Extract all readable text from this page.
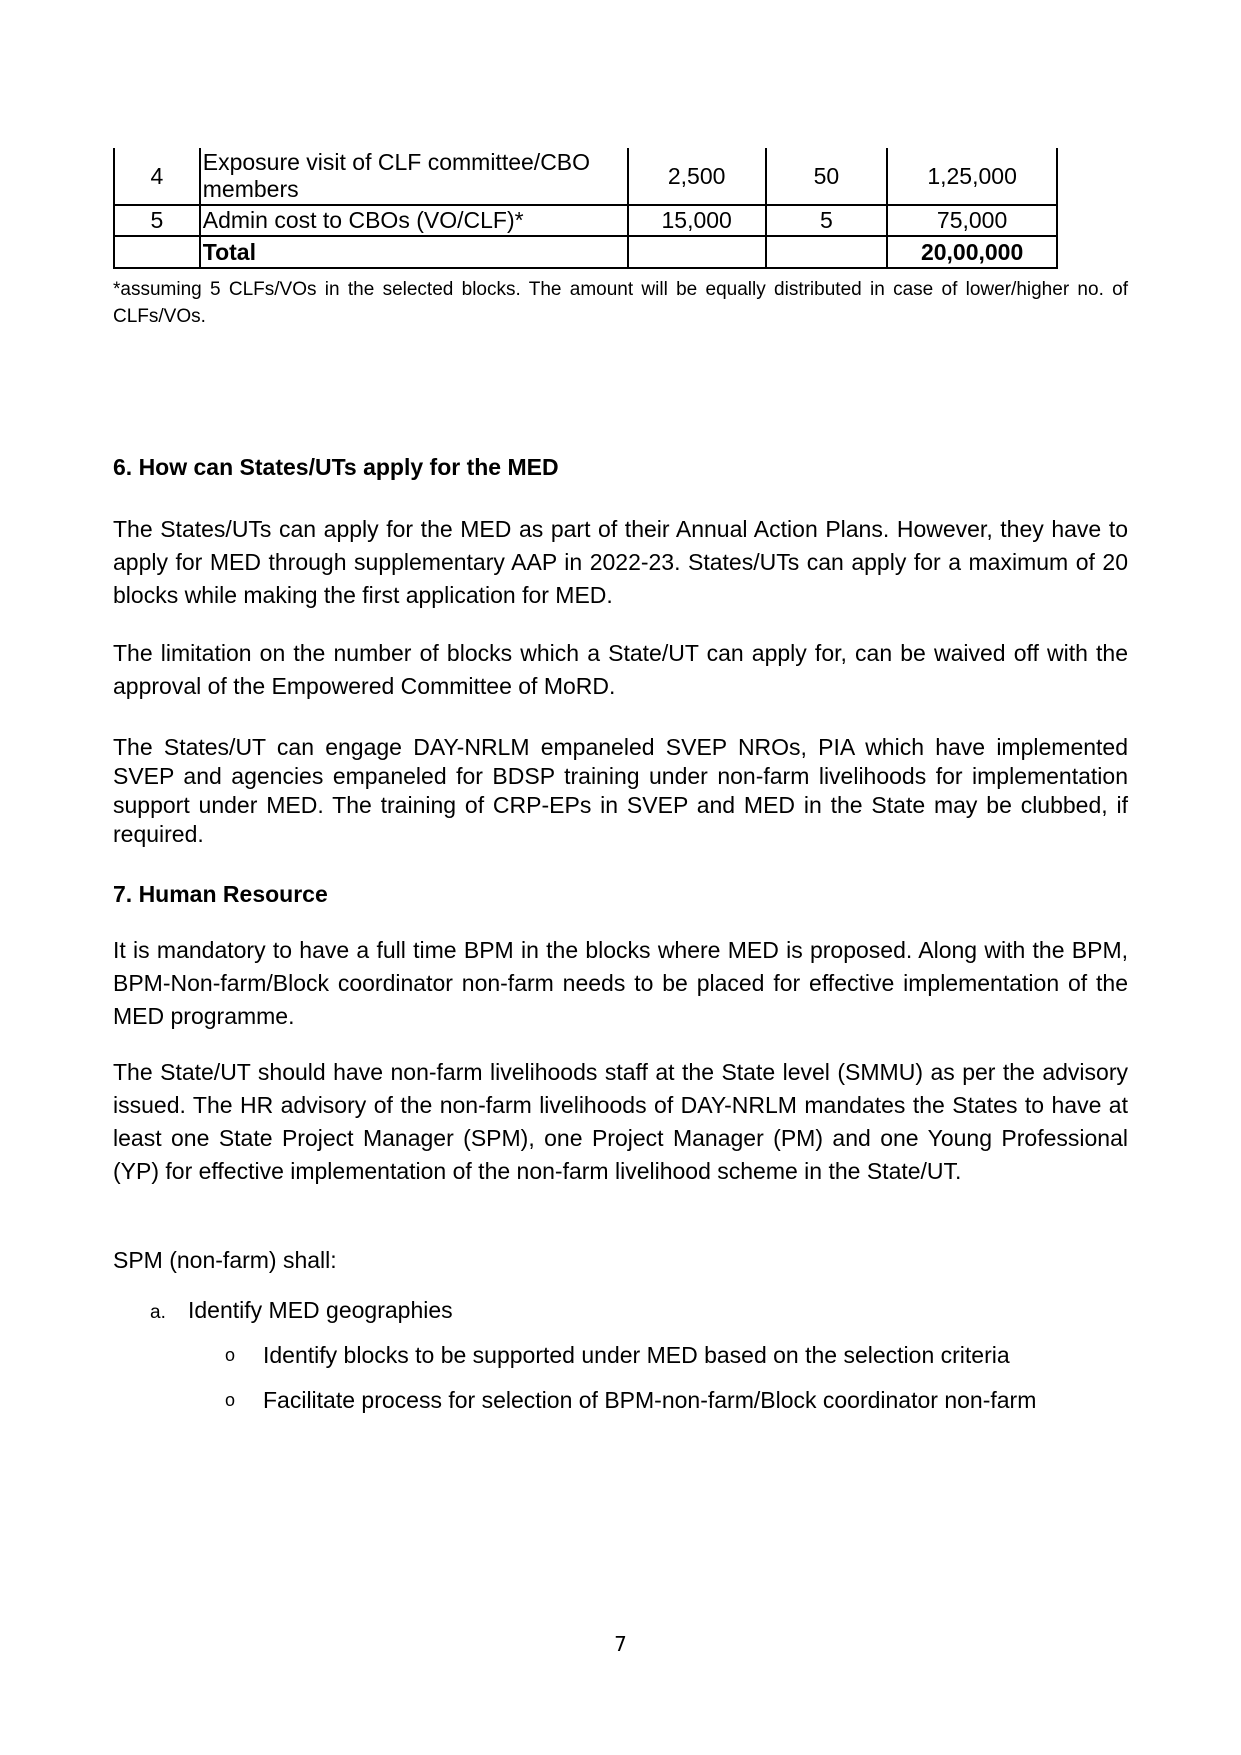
4	Exposure visit of CLF committee/CBO members	2,500	50	1,25,000
5	Admin cost to CBOs (VO/CLF)*	15,000	5	75,000
	Total			20,00,000
*assuming 5 CLFs/VOs in the selected blocks. The amount will be equally distributed in case of lower/higher no. of CLFs/VOs.
6. How can States/UTs apply for the MED
The States/UTs can apply for the MED as part of their Annual Action Plans. However, they have to apply for MED through supplementary AAP in 2022-23. States/UTs can apply for a maximum of 20 blocks while making the first application for MED.
The limitation on the number of blocks which a State/UT can apply for, can be waived off with the approval of the Empowered Committee of MoRD.
The States/UT can engage DAY-NRLM empaneled SVEP NROs, PIA which have implemented SVEP and agencies empaneled for BDSP training under non-farm livelihoods for implementation support under MED. The training of CRP-EPs in SVEP and MED in the State may be clubbed, if required.
7. Human Resource
It is mandatory to have a full time BPM in the blocks where MED is proposed. Along with the BPM, BPM-Non-farm/Block coordinator non-farm needs to be placed for effective implementation of the MED programme.
The State/UT should have non-farm livelihoods staff at the State level (SMMU) as per the advisory issued. The HR advisory of the non-farm livelihoods of DAY-NRLM mandates the States to have at least one State Project Manager (SPM), one Project Manager (PM) and one Young Professional (YP) for effective implementation of the non-farm livelihood scheme in the State/UT.
SPM (non-farm) shall:
a. Identify MED geographies
o Identify blocks to be supported under MED based on the selection criteria
o Facilitate process for selection of BPM-non-farm/Block coordinator non-farm
7
